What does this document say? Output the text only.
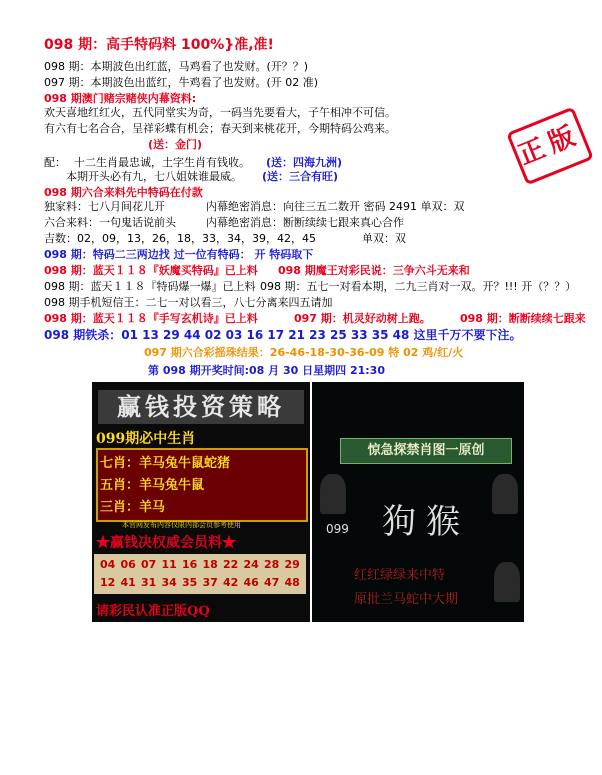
098 期：高手特码料 100%}准,准!
098 期：本期波色出红蓝，马鸡看了也发财。(开？？)
097 期：本期波色出蓝红，牛鸡看了也发财。(开 02 准)
098 期澳门赌宗赌侠内幕资料:
欢天喜地红红火，五代同堂实为奇，一码当先要看大，子午相冲不可信。
有六有七名合合，呈祥彩蝶有机会；春天到来桃花开，今期特码公鸡来。
(送：金门)
配： 十二生肖最忠诚，土字生肖有钱收。 (送：四海九洲)
本期开头必有九，七八姐妹谁最威。 (送：三合有旺)
098 期六合来料先中特码在付款
独家料：七八月间花儿开	内幕绝密消息：向往三五二数开 密码 2491 单双：双
六合来料：一句鬼话说前头	内幕绝密消息：断断续续七跟来真心合作
吉数：02，09，13，26，18，33，34，39，42，45	单双：双
098 期：特码二三两边找 过一位有特码： 开 特码取下
098 期：蓝天１１８『妖魔买特码』已上料 098 期魔王对彩民说：三争六斗无来和
098 期：蓝天１１８『特码爆一爆』已上料 098 期：五七一对看本期，二九三肖对一双。开？!!! 开（？？）
098 期手机短信王：二七一对以看三，八七分离来四五请加
098 期：蓝天１１８『手写玄机诗』已上料	097 期：机灵好动树上跑。	098 期：断断续续七跟来
098 期铁杀：01 13 29 44 02 03 16 17 21 23 25 33 35 48 这里千万不要下注。
097 期六合彩摇珠结果：26-46-18-30-36-09 特 02 鸡/红/火
第 098 期开奖时间:08 月 30 日星期四 21:30
正版
赢钱投资策略
099期必中生肖
七肖：羊马兔牛鼠蛇猪
五肖：羊马兔牛鼠
三肖：羊马
本官网发布内容仅限内部会员参考使用
★赢钱决权威会员料★
04 06 07 11 16 18 22 24 28 29
12 41 31 34 35 37 42 46 47 48
请彩民认准正版QQ
惊急探禁肖图一原创
狗猴
099
红红绿绿来中特
原批兰马蛇中大期
